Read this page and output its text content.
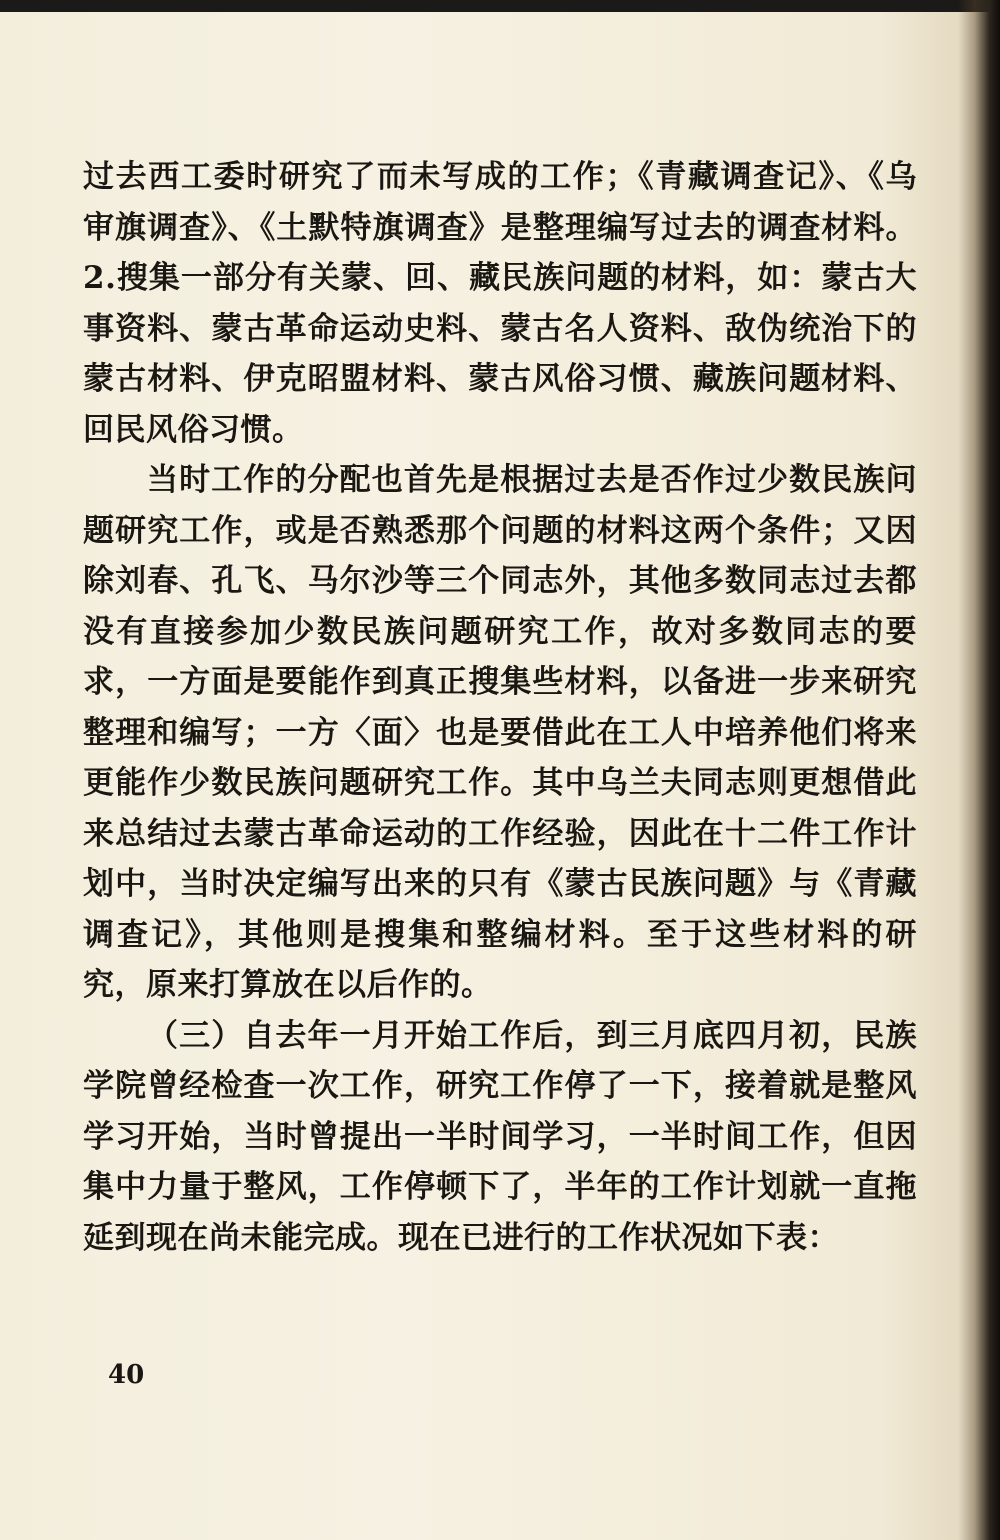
过去西工委时研究了而未写成的工作；《青藏调查记》、《乌审旗调查》、《土默特旗调查》是整理编写过去的调查材料。2.搜集一部分有关蒙、回、藏民族问题的材料，如：蒙古大事资料、蒙古革命运动史料、蒙古名人资料、敌伪统治下的蒙古材料、伊克昭盟材料、蒙古风俗习惯、藏族问题材料、回民风俗习惯。

当时工作的分配也首先是根据过去是否作过少数民族问题研究工作，或是否熟悉那个问题的材料这两个条件；又因除刘春、孔飞、马尔沙等三个同志外，其他多数同志过去都没有直接参加少数民族问题研究工作，故对多数同志的要求，一方面是要能作到真正搜集些材料，以备进一步来研究整理和编写；一方〈面〉也是要借此在工人中培养他们将来更能作少数民族问题研究工作。其中乌兰夫同志则更想借此来总结过去蒙古革命运动的工作经验，因此在十二件工作计划中，当时决定编写出来的只有《蒙古民族问题》与《青藏调查记》，其他则是搜集和整编材料。至于这些材料的研究，原来打算放在以后作的。

（三）自去年一月开始工作后，到三月底四月初，民族学院曾经检查一次工作，研究工作停了一下，接着就是整风学习开始，当时曾提出一半时间学习，一半时间工作，但因集中力量于整风，工作停顿下了，半年的工作计划就一直拖延到现在尚未能完成。现在已进行的工作状况如下表：

40
